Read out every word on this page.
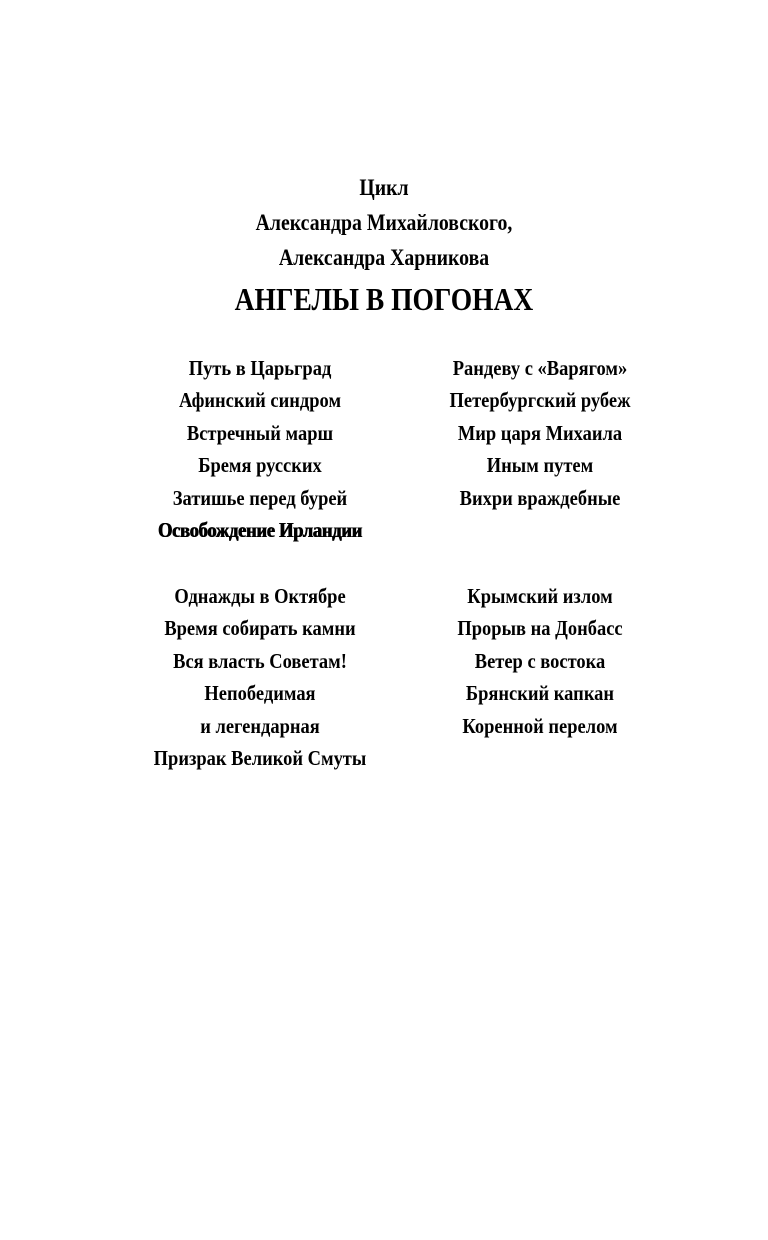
Цикл
Александра Михайловского,
Александра Харникова
АНГЕЛЫ В ПОГОНАХ
Путь в Царьград
Афинский синдром
Встречный марш
Бремя русских
Затишье перед бурей
Освобождение Ирландии
Рандеву с «Варягом»
Петербургский рубеж
Мир царя Михаила
Иным путем
Вихри враждебные
Однажды в Октябре
Время собирать камни
Вся власть Советам!
Непобедимая
и легендарная
Призрак Великой Смуты
Крымский излом
Прорыв на Донбасс
Ветер с востока
Брянский капкан
Коренной перелом
